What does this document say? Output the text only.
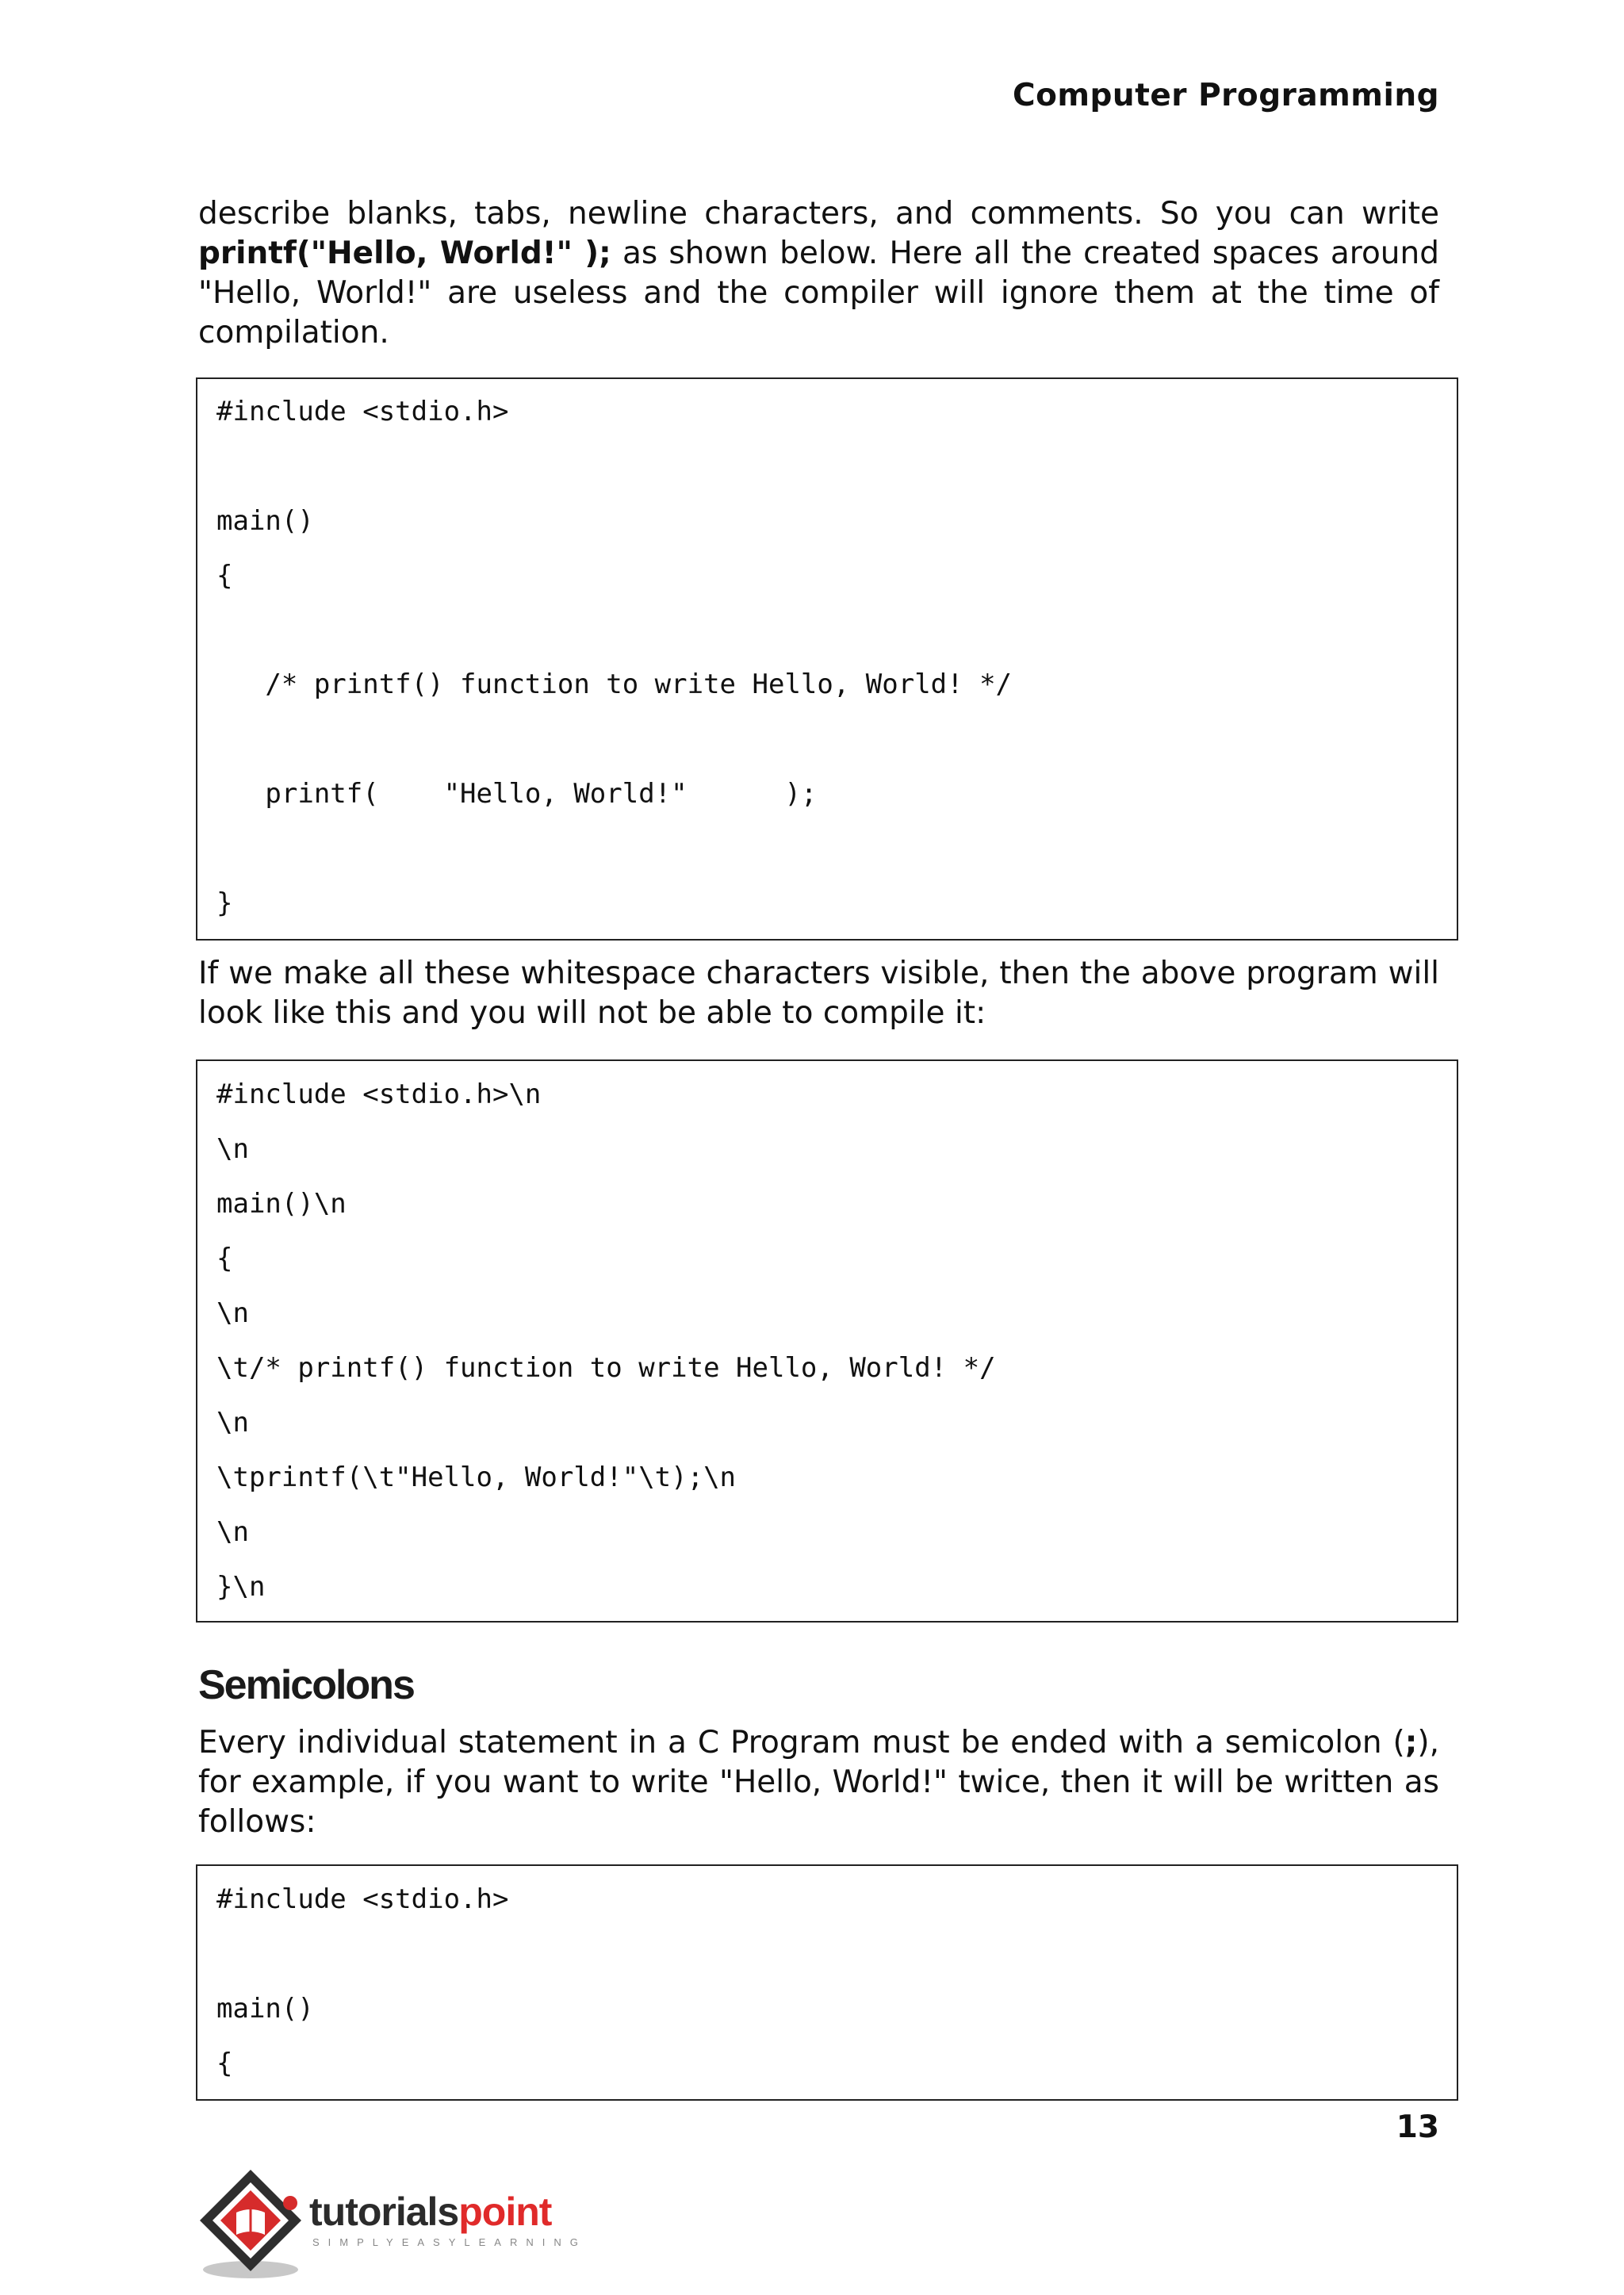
Computer Programming
describe blanks, tabs, newline characters, and comments. So you can write printf("Hello, World!" ); as shown below. Here all the created spaces around "Hello, World!" are useless and the compiler will ignore them at the time of compilation.
#include <stdio.h>
main()
{
/* printf() function to write Hello, World! */
printf(    "Hello, World!"      );
}
If we make all these whitespace characters visible, then the above program will look like this and you will not be able to compile it:
#include <stdio.h>\n
\n
main()\n
{
\n
\t/* printf() function to write Hello, World! */
\n
\tprintf(\t"Hello, World!"\t);\n
\n
}\n
Semicolons
Every individual statement in a C Program must be ended with a semicolon (;), for example, if you want to write "Hello, World!" twice, then it will be written as follows:
#include <stdio.h>
main()
{
13
tutorialspoint
SIMPLYEASYLEARNING
